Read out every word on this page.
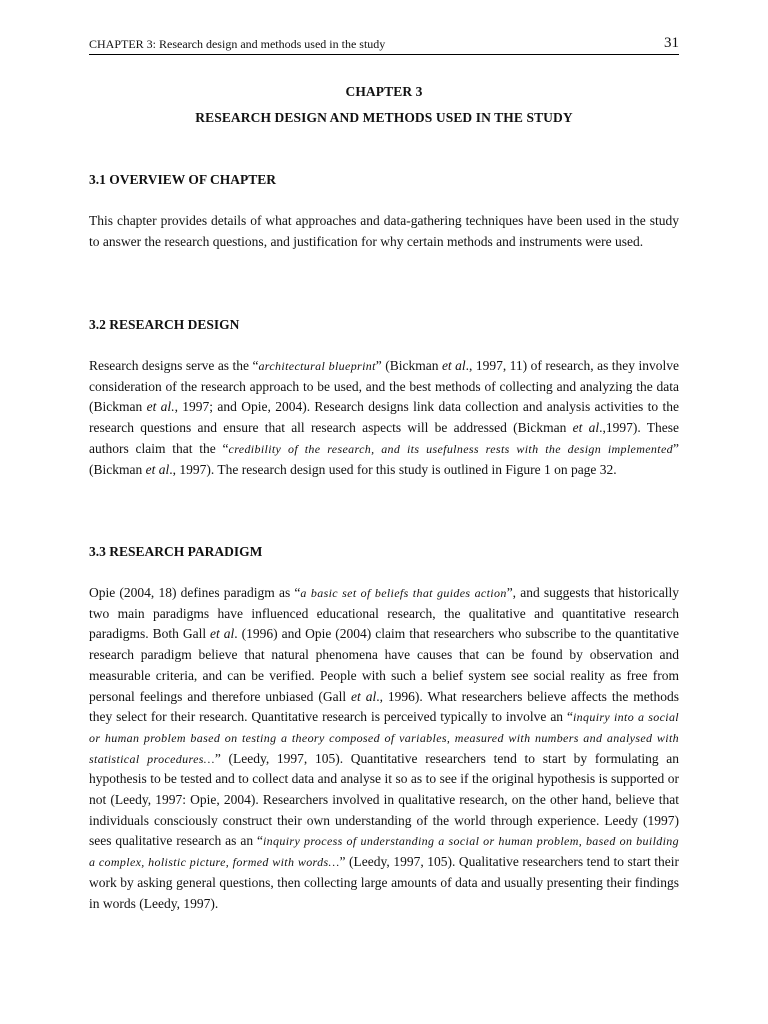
CHAPTER 3: Research design and methods used in the study	31
CHAPTER 3
RESEARCH DESIGN AND METHODS USED IN THE STUDY
3.1 OVERVIEW OF CHAPTER
This chapter provides details of what approaches and data-gathering techniques have been used in the study to answer the research questions, and justification for why certain methods and instruments were used.
3.2 RESEARCH DESIGN
Research designs serve as the “architectural blueprint” (Bickman et al., 1997, 11) of research, as they involve consideration of the research approach to be used, and the best methods of collecting and analyzing the data (Bickman et al., 1997; and Opie, 2004). Research designs link data collection and analysis activities to the research questions and ensure that all research aspects will be addressed (Bickman et al.,1997). These authors claim that the “credibility of the research, and its usefulness rests with the design implemented” (Bickman et al., 1997). The research design used for this study is outlined in Figure 1 on page 32.
3.3 RESEARCH PARADIGM
Opie (2004, 18) defines paradigm as “a basic set of beliefs that guides action”, and suggests that historically two main paradigms have influenced educational research, the qualitative and quantitative research paradigms. Both Gall et al. (1996) and Opie (2004) claim that researchers who subscribe to the quantitative research paradigm believe that natural phenomena have causes that can be found by observation and measurable criteria, and can be verified. People with such a belief system see social reality as free from personal feelings and therefore unbiased (Gall et al., 1996). What researchers believe affects the methods they select for their research. Quantitative research is perceived typically to involve an “inquiry into a social or human problem based on testing a theory composed of variables, measured with numbers and analysed with statistical procedures…” (Leedy, 1997, 105). Quantitative researchers tend to start by formulating an hypothesis to be tested and to collect data and analyse it so as to see if the original hypothesis is supported or not (Leedy, 1997: Opie, 2004). Researchers involved in qualitative research, on the other hand, believe that individuals consciously construct their own understanding of the world through experience. Leedy (1997) sees qualitative research as an “inquiry process of understanding a social or human problem, based on building a complex, holistic picture, formed with words…” (Leedy, 1997, 105). Qualitative researchers tend to start their work by asking general questions, then collecting large amounts of data and usually presenting their findings in words (Leedy, 1997).
